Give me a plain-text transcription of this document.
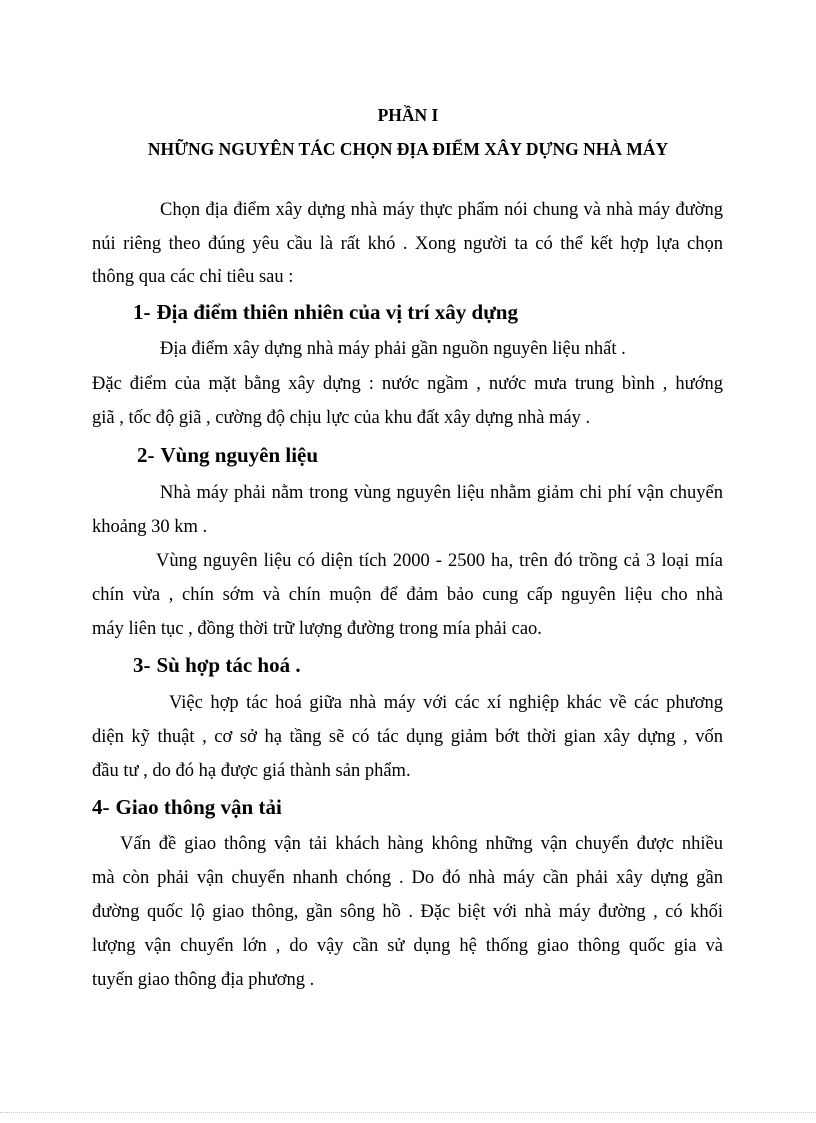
PHẦN I
NHỮNG NGUYÊN TÁC CHỌN ĐỊA ĐIỂM XÂY DỰNG NHÀ MÁY
Chọn địa điểm xây dựng nhà máy thực phẩm nói chung và nhà máy đường
núi riêng theo đúng yêu cầu là rất khó . Xong người ta có thể kết hợp lựa chọn
thông qua các chỉ tiêu sau :
1- Địa điểm thiên nhiên của vị trí xây dựng
Địa điểm xây dựng nhà máy phải gần nguồn nguyên liệu nhất .
Đặc điểm của mặt bằng xây dựng : nước ngầm , nước mưa trung bình , hướng
giã , tốc độ giã , cường độ chịu lực của khu đất xây dựng nhà máy .
2- Vùng nguyên liệu
Nhà máy phải nằm trong vùng nguyên liệu nhằm giảm chi phí vận chuyển
khoảng 30 km .
Vùng nguyên liệu có diện tích 2000 - 2500 ha, trên đó trồng cả 3 loại mía
chín vừa , chín sớm và chín muộn để đảm bảo cung cấp nguyên liệu cho nhà
máy liên tục , đồng thời trữ lượng đường trong mía phải cao.
3- Sù hợp tác hoá .
Việc hợp tác hoá giữa nhà máy với các xí nghiệp khác về các phương
diện kỹ thuật , cơ sở hạ tầng sẽ có tác dụng giảm bớt thời gian xây dựng , vốn
đầu tư , do đó hạ được giá thành sản phẩm.
4- Giao thông vận tải
Vấn đề giao thông vận tải khách hàng không những vận chuyển được nhiều
mà còn phải vận chuyển nhanh chóng . Do đó nhà máy cần phải xây dựng gần
đường quốc lộ giao thông, gần sông hồ . Đặc biệt với nhà máy đường , có khối
lượng vận chuyển lớn , do vậy cần sử dụng hệ thống giao thông quốc gia và
tuyến giao thông địa phương .
